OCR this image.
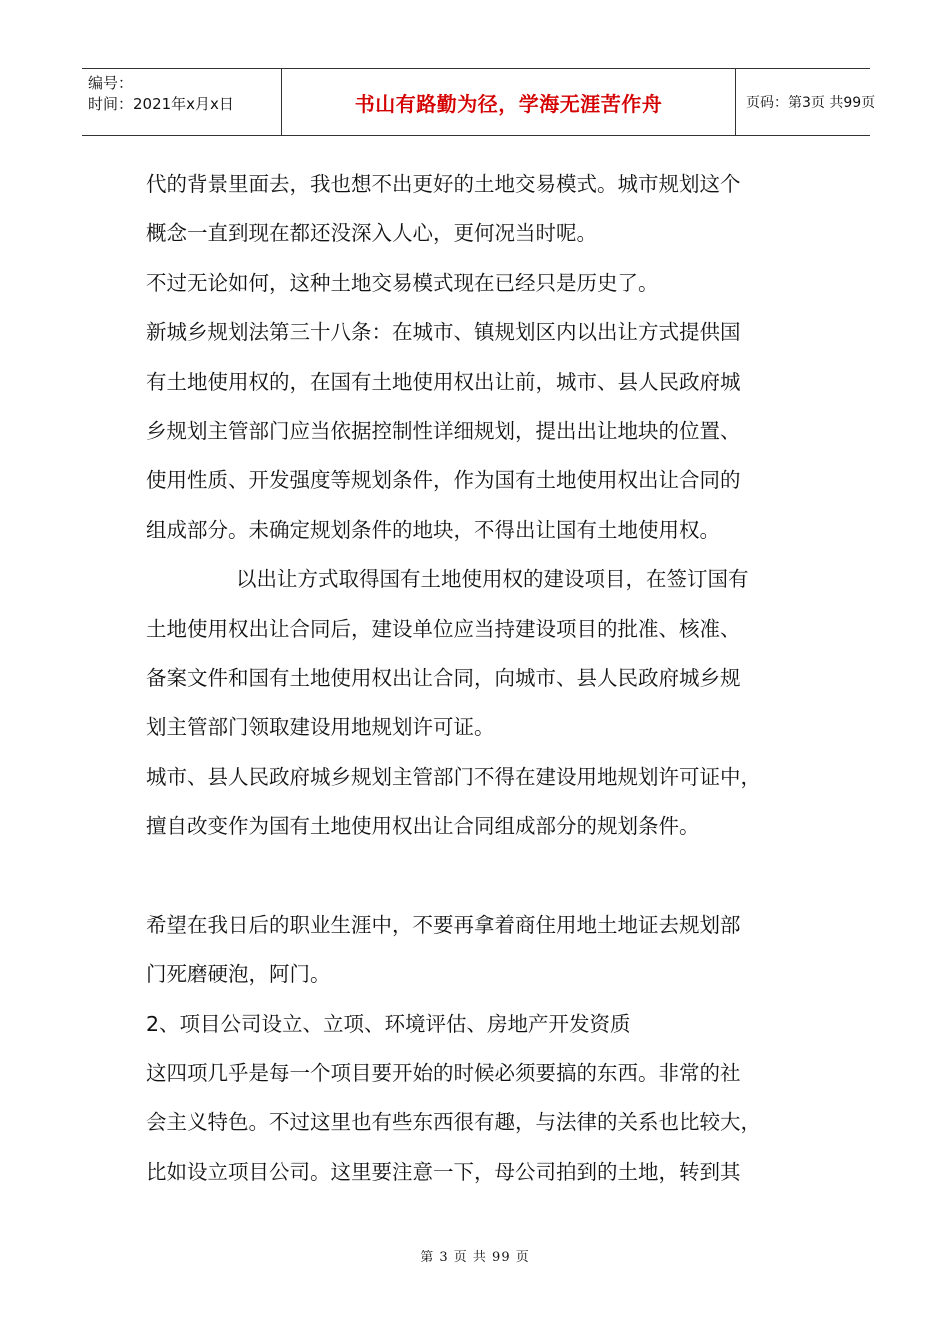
编号：
时间：2021年x月x日	书山有路勤为径，学海无涯苦作舟	页码：第3页 共99页
代的背景里面去，我也想不出更好的土地交易模式。城市规划这个
概念一直到现在都还没深入人心，更何况当时呢。
不过无论如何，这种土地交易模式现在已经只是历史了。
新城乡规划法第三十八条：在城市、镇规划区内以出让方式提供国
有土地使用权的，在国有土地使用权出让前，城市、县人民政府城
乡规划主管部门应当依据控制性详细规划，提出出让地块的位置、
使用性质、开发强度等规划条件，作为国有土地使用权出让合同的
组成部分。未确定规划条件的地块，不得出让国有土地使用权。
以出让方式取得国有土地使用权的建设项目，在签订国有
土地使用权出让合同后，建设单位应当持建设项目的批准、核准、
备案文件和国有土地使用权出让合同，向城市、县人民政府城乡规
划主管部门领取建设用地规划许可证。
城市、县人民政府城乡规划主管部门不得在建设用地规划许可证中，
擅自改变作为国有土地使用权出让合同组成部分的规划条件。
希望在我日后的职业生涯中，不要再拿着商住用地土地证去规划部
门死磨硬泡，阿门。
2、项目公司设立、立项、环境评估、房地产开发资质
这四项几乎是每一个项目要开始的时候必须要搞的东西。非常的社
会主义特色。不过这里也有些东西很有趣，与法律的关系也比较大，
比如设立项目公司。这里要注意一下，母公司拍到的土地，转到其
第 3 页 共 99 页
